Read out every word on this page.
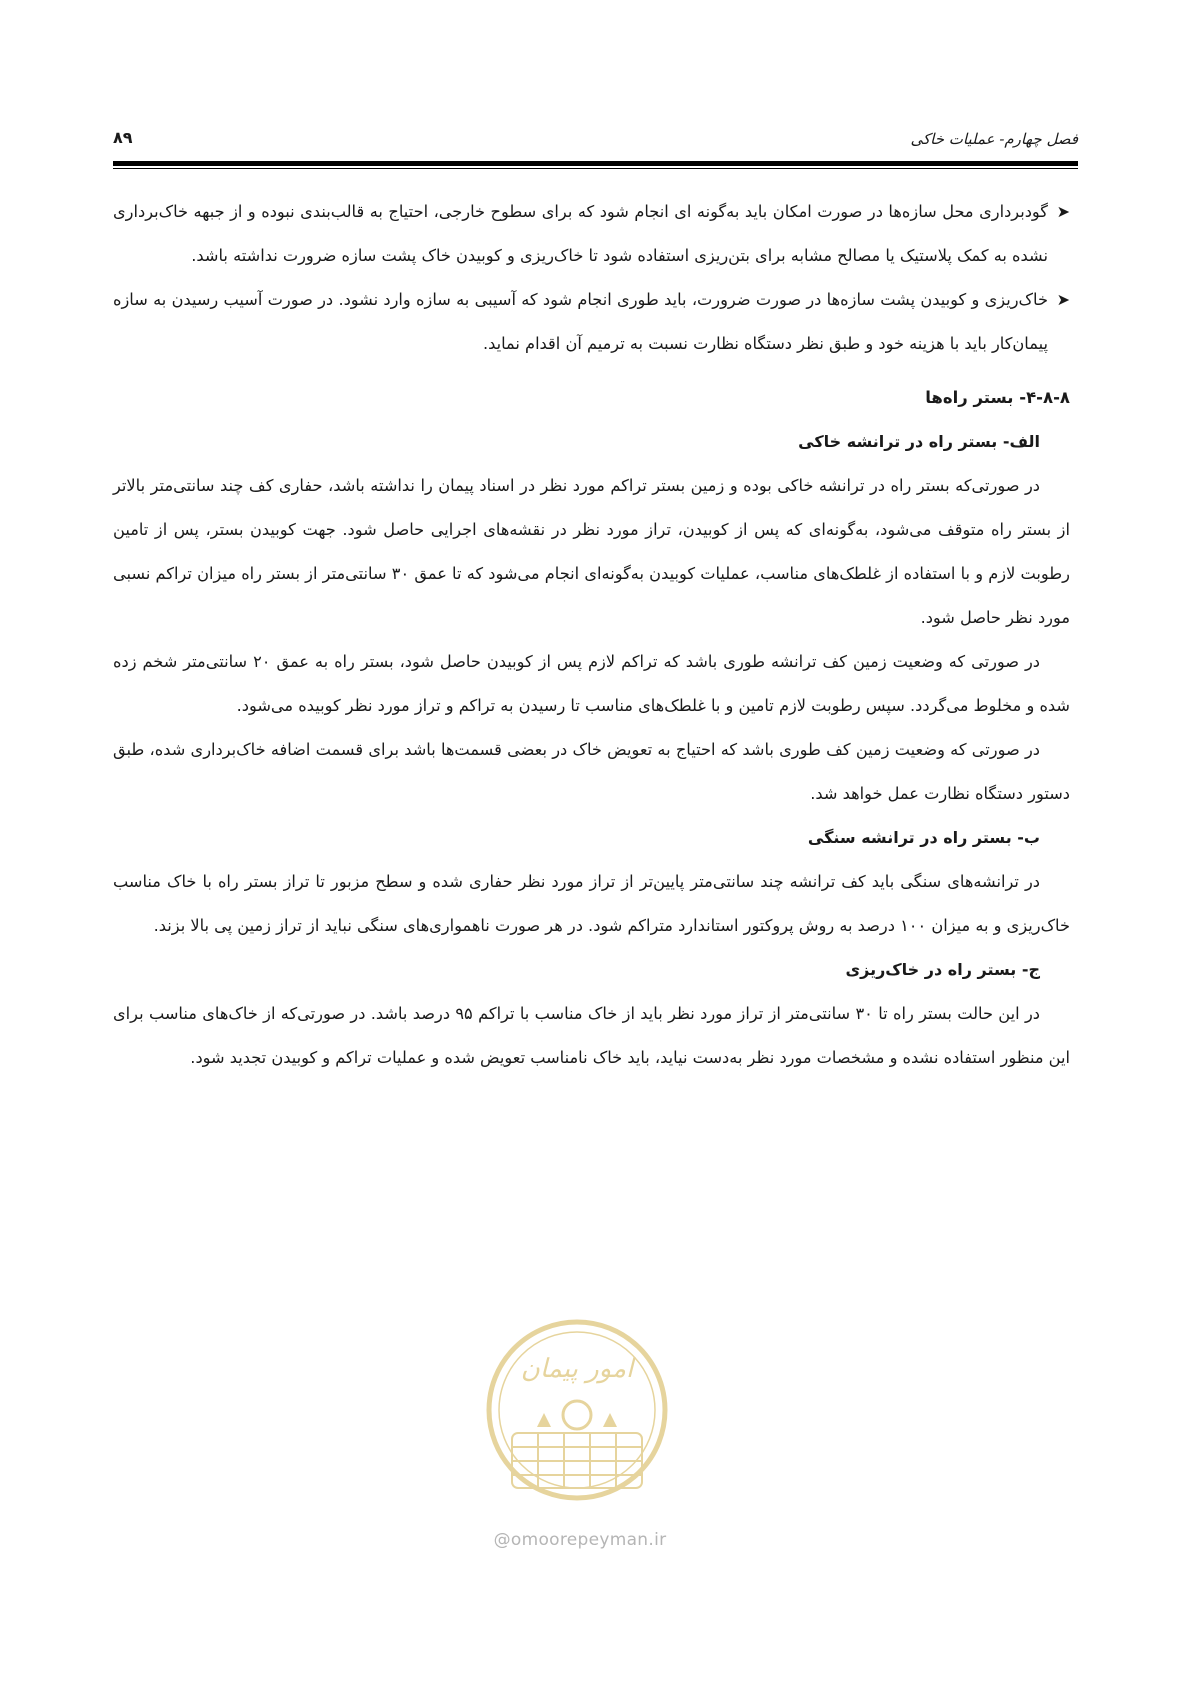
فصل چهارم- عملیات خاکی
۸۹

➤
گودبرداری محل سازه‌ها در صورت امکان باید به‌گونه ای انجام شود که برای سطوح خارجی، احتیاج به قالب‌بندی نبوده و از جبهه خاک‌برداری نشده به کمک پلاستیک یا مصالح مشابه برای بتن‌ریزی استفاده شود تا خاک‌ریزی و کوبیدن خاک پشت سازه ضرورت نداشته باشد.

➤
خاک‌ریزی و کوبیدن پشت سازه‌ها در صورت ضرورت، باید طوری انجام شود که آسیبی به سازه وارد نشود. در صورت آسیب رسیدن به سازه پیمان‌کار باید با هزینه خود و طبق نظر دستگاه نظارت نسبت به ترمیم آن اقدام نماید.

۴-۸-۸- بستر راه‌ها

الف- بستر راه در ترانشه خاکی

در صورتی‌که بستر راه در ترانشه خاکی بوده و زمین بستر تراکم مورد نظر در اسناد پیمان را نداشته باشد، حفاری کف چند سانتی‌متر بالاتر از بستر راه متوقف می‌شود، به‌گونه‌ای که پس از کوبیدن، تراز مورد نظر در نقشه‌های اجرایی حاصل شود. جهت کوبیدن بستر، پس از تامین رطوبت لازم و با استفاده از غلطک‌های مناسب، عملیات کوبیدن به‌گونه‌ای انجام می‌شود که تا عمق ۳۰ سانتی‌متر از بستر راه میزان تراکم نسبی مورد نظر حاصل شود.

در صورتی که وضعیت زمین کف ترانشه طوری باشد که تراکم لازم پس از کوبیدن حاصل شود، بستر راه به عمق ۲۰ سانتی‌متر شخم زده شده و مخلوط می‌گردد. سپس رطوبت لازم تامین و با غلطک‌های مناسب تا رسیدن به تراکم و تراز مورد نظر کوبیده می‌شود.

در صورتی که وضعیت زمین کف طوری باشد که احتیاج به تعویض خاک در بعضی قسمت‌ها باشد برای قسمت اضافه خاک‌برداری شده، طبق دستور دستگاه نظارت عمل خواهد شد.

ب- بستر راه در ترانشه سنگی

در ترانشه‌های سنگی باید کف ترانشه چند سانتی‌متر پایین‌تر از تراز مورد نظر حفاری شده و سطح مزبور تا تراز بستر راه با خاک مناسب خاک‌ریزی و به میزان ۱۰۰ درصد به روش پروکتور استاندارد متراکم شود. در هر صورت ناهمواری‌های سنگی نباید از تراز زمین پی بالا بزند.

ج- بستر راه در خاک‌ریزی

در این حالت بستر راه تا ۳۰ سانتی‌متر از تراز مورد نظر باید از خاک مناسب با تراکم ۹۵ درصد باشد. در صورتی‌که از خاک‌های مناسب برای این منظور استفاده نشده و مشخصات مورد نظر به‌دست نیاید، باید خاک نامناسب تعویض شده و عملیات تراکم و کوبیدن تجدید شود.

امور پیمان
@omoorepeyman.ir
